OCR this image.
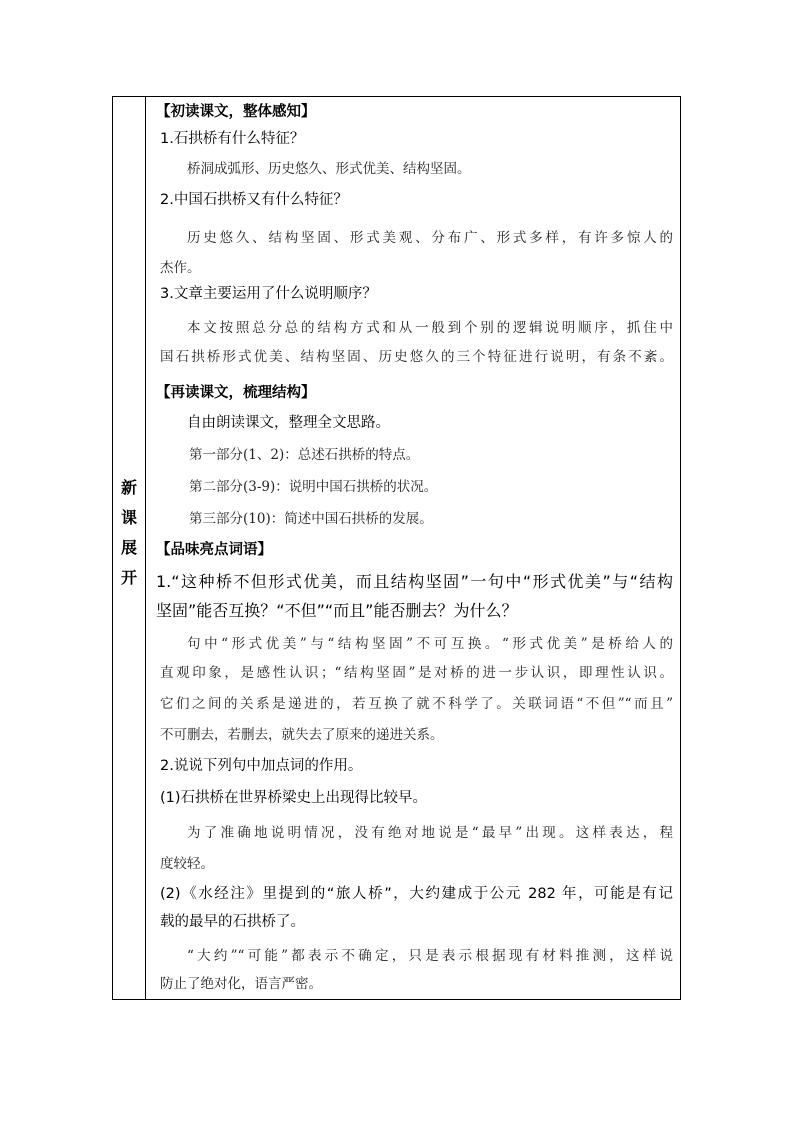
新
课
展
开
【初读课文，整体感知】
1.石拱桥有什么特征？
桥洞成弧形、历史悠久、形式优美、结构坚固。
2.中国石拱桥又有什么特征？
历史悠久、结构坚固、形式美观、分布广、形式多样，有许多惊人的
杰作。
3.文章主要运用了什么说明顺序？
本文按照总分总的结构方式和从一般到个别的逻辑说明顺序，抓住中
国石拱桥形式优美、结构坚固、历史悠久的三个特征进行说明，有条不紊。
【再读课文，梳理结构】
自由朗读课文，整理全文思路。
第一部分(1、2)：总述石拱桥的特点。
第二部分(3-9)：说明中国石拱桥的状况。
第三部分(10)：简述中国石拱桥的发展。
【品味亮点词语】
1.“这种桥不但形式优美，而且结构坚固”一句中“形式优美”与“结构
坚固”能否互换？“不但”“而且”能否删去？为什么？
句中“形式优美”与“结构坚固”不可互换。“形式优美”是桥给人的
直观印象，是感性认识；“结构坚固”是对桥的进一步认识，即理性认识。
它们之间的关系是递进的，若互换了就不科学了。关联词语“不但”“而且”
不可删去，若删去，就失去了原来的递进关系。
2.说说下列句中加点词的作用。
(1)石拱桥在世界桥梁史上出现得比较早。
为了准确地说明情况，没有绝对地说是“最早”出现。这样表达，程
度较轻。
(2)《水经注》里提到的“旅人桥”，大约建成于公元 282 年，可能是有记
载的最早的石拱桥了。
“大约”“可能”都表示不确定，只是表示根据现有材料推测，这样说
防止了绝对化，语言严密。
